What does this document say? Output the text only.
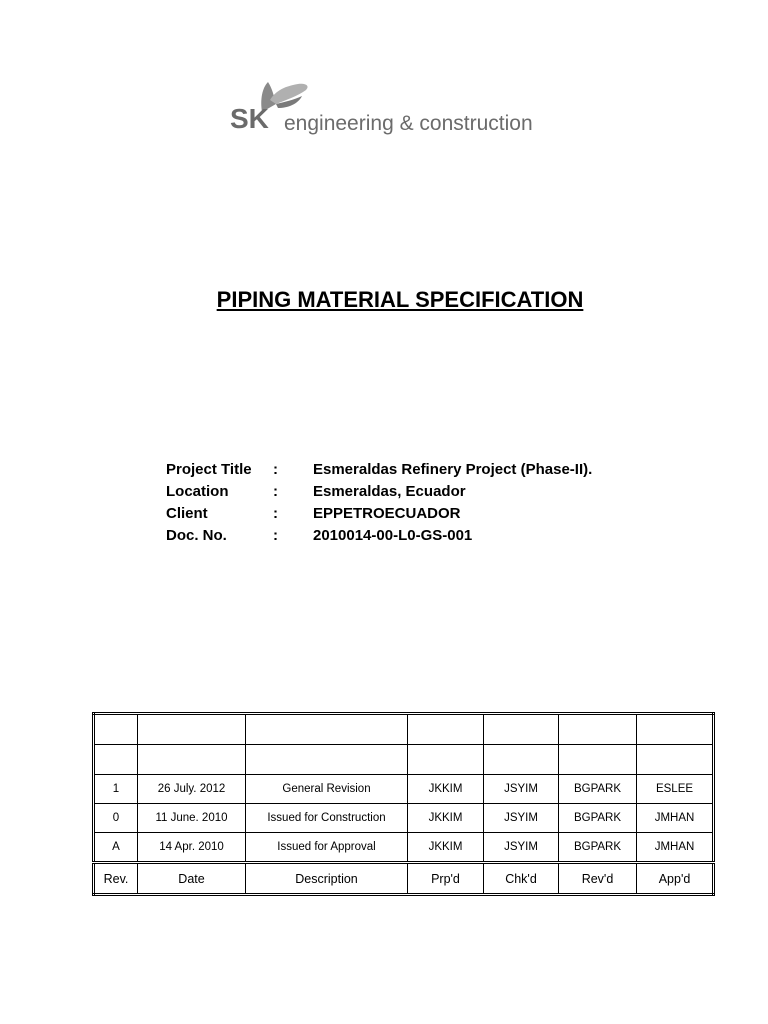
SK engineering & construction
PIPING MATERIAL SPECIFICATION
Project Title : Esmeraldas Refinery Project (Phase-II).
Location	: Esmeraldas, Ecuador
Client	: EPPETROECUADOR
Doc. No.	: 2010014-00-L0-GS-001

1	26 July. 2012	General Revision	JKKIM	JSYIM	BGPARK	ESLEE
0	11 June. 2010	Issued for Construction	JKKIM	JSYIM	BGPARK	JMHAN
A	14 Apr. 2010	Issued for Approval	JKKIM	JSYIM	BGPARK	JMHAN
Rev.	Date	Description	Prp'd	Chk'd	Rev'd	App'd
